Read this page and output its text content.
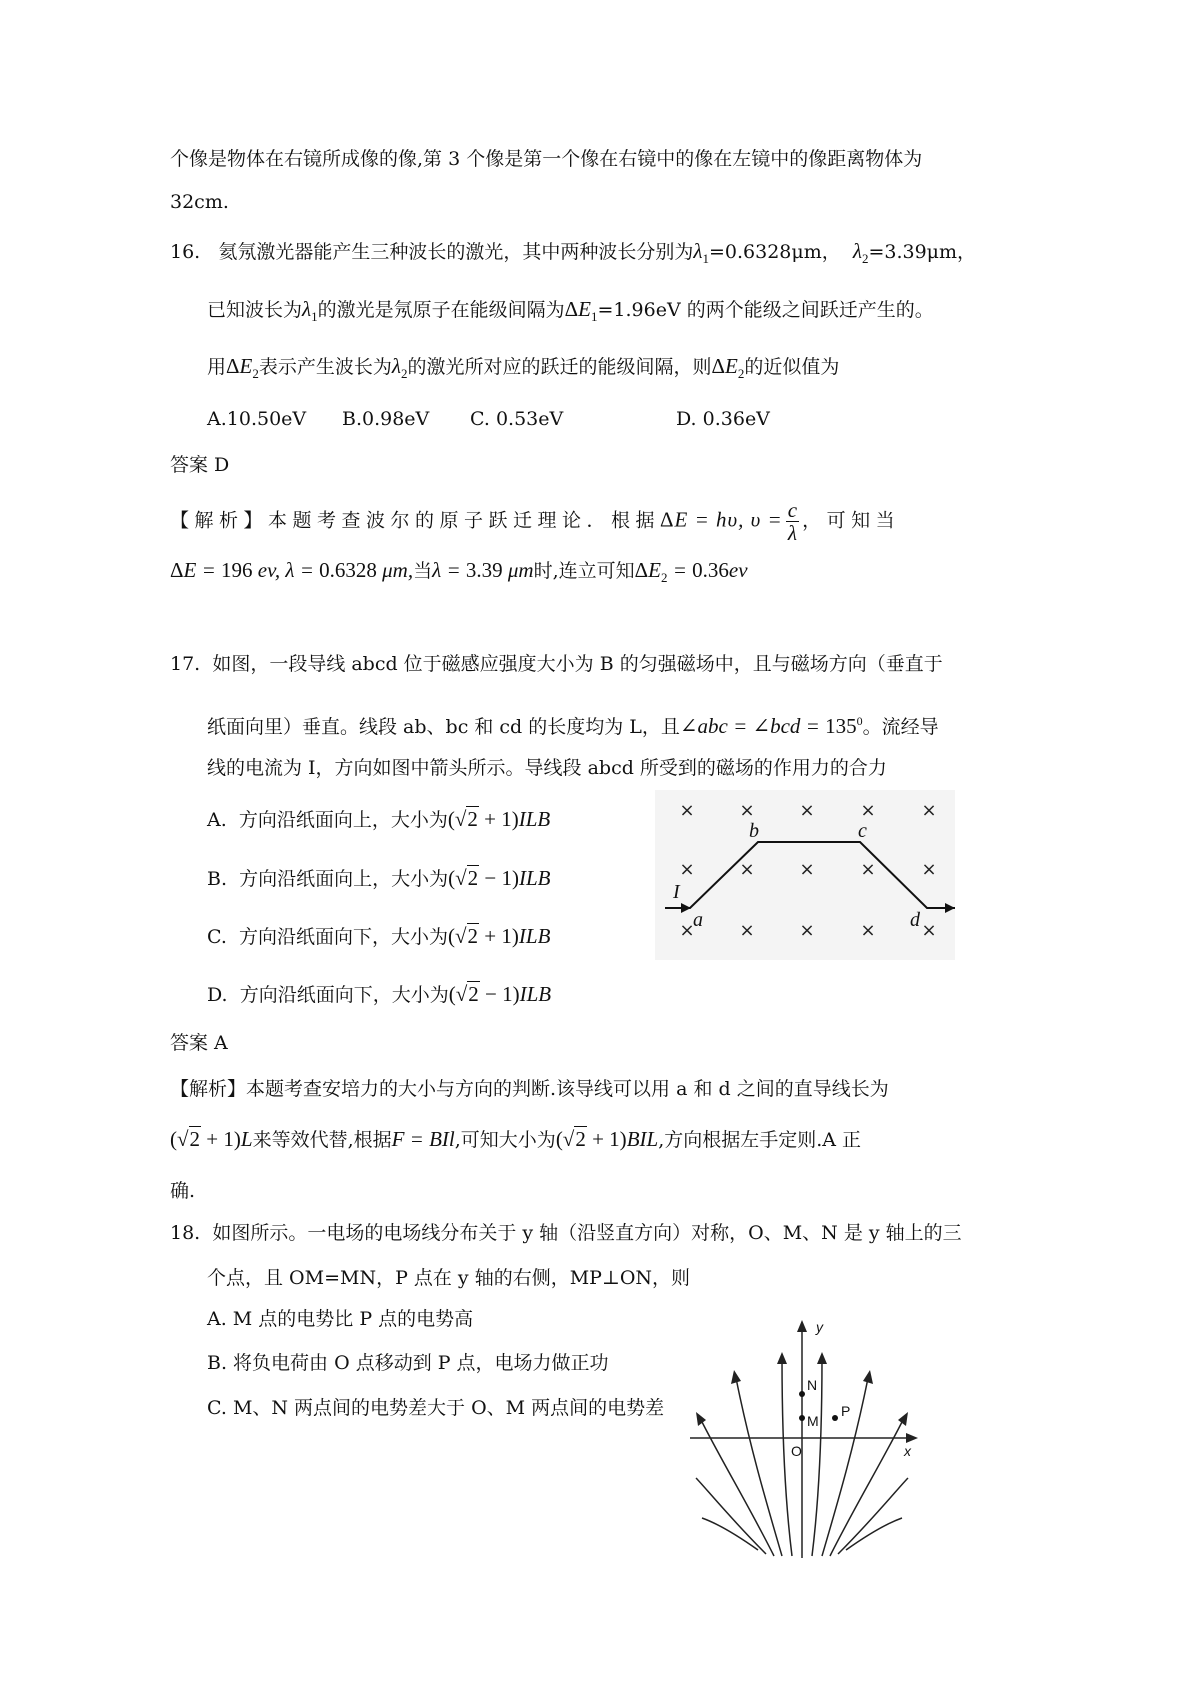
个像是物体在右镜所成像的像,第 3 个像是第一个像在右镜中的像在左镜中的像距离物体为
32cm.
16. 氦氖激光器能产生三种波长的激光，其中两种波长分别为$\lambda_1=0.6328\mu m$， $\lambda_2=3.39\mu m$，
已知波长为$\lambda_1$的激光是氖原子在能级间隔为$\Delta E_1=1.96eV$ 的两个能级之间跃迁产生的。
用$\Delta E_2$表示产生波长为$\lambda_2$的激光所对应的跃迁的能级间隔，则$\Delta E_2$的近似值为
A.10.50eV B.0.98eV C. 0.53eV	D. 0.36eV
答案 D
【解析】本题考查波尔的原子跃迁理论．根据ΔE = hυ, $\upsilon = \frac{c}{\lambda}$ ，可知当
ΔE = 196 ev, λ = 0.6328 μm,当λ = 3.39 μm时,连立可知$\Delta E_2 = 0.36ev$
17. 如图，一段导线 abcd 位于磁感应强度大小为 B 的匀强磁场中，且与磁场方向（垂直于
纸面向里）垂直。线段 ab、bc 和 cd 的长度均为 L，且∠abc = ∠bcd = $135^0$。流经导
线的电流为 I，方向如图中箭头所示。导线段 abcd 所受到的磁场的作用力的合力
A. 方向沿纸面向上，大小为(√2 + 1)ILB
B. 方向沿纸面向上，大小为(√2 − 1)ILB
C. 方向沿纸面向下，大小为(√2 + 1)ILB
D. 方向沿纸面向下，大小为(√2 − 1)ILB
× × ×	×	×
× × ×	×	×
× × ×	×	×
I
a
b	c
d
答案 A
【解析】本题考查安培力的大小与方向的判断.该导线可以用 a 和 d 之间的直导线长为
(√2 + 1)L来等效代替,根据F = BIl,可知大小为(√2 + 1)BIL,方向根据左手定则.A 正
确.
18. 如图所示。一电场的电场线分布关于 y 轴（沿竖直方向）对称，O、M、N 是 y 轴上的三
个点，且 OM=MN，P 点在 y 轴的右侧，MP⊥ON，则
A. M 点的电势比 P 点的电势高
B. 将负电荷由 O 点移动到 P 点，电场力做正功
C. M、N 两点间的电势差大于 O、M 两点间的电势差
y
x
O
N
M
P
